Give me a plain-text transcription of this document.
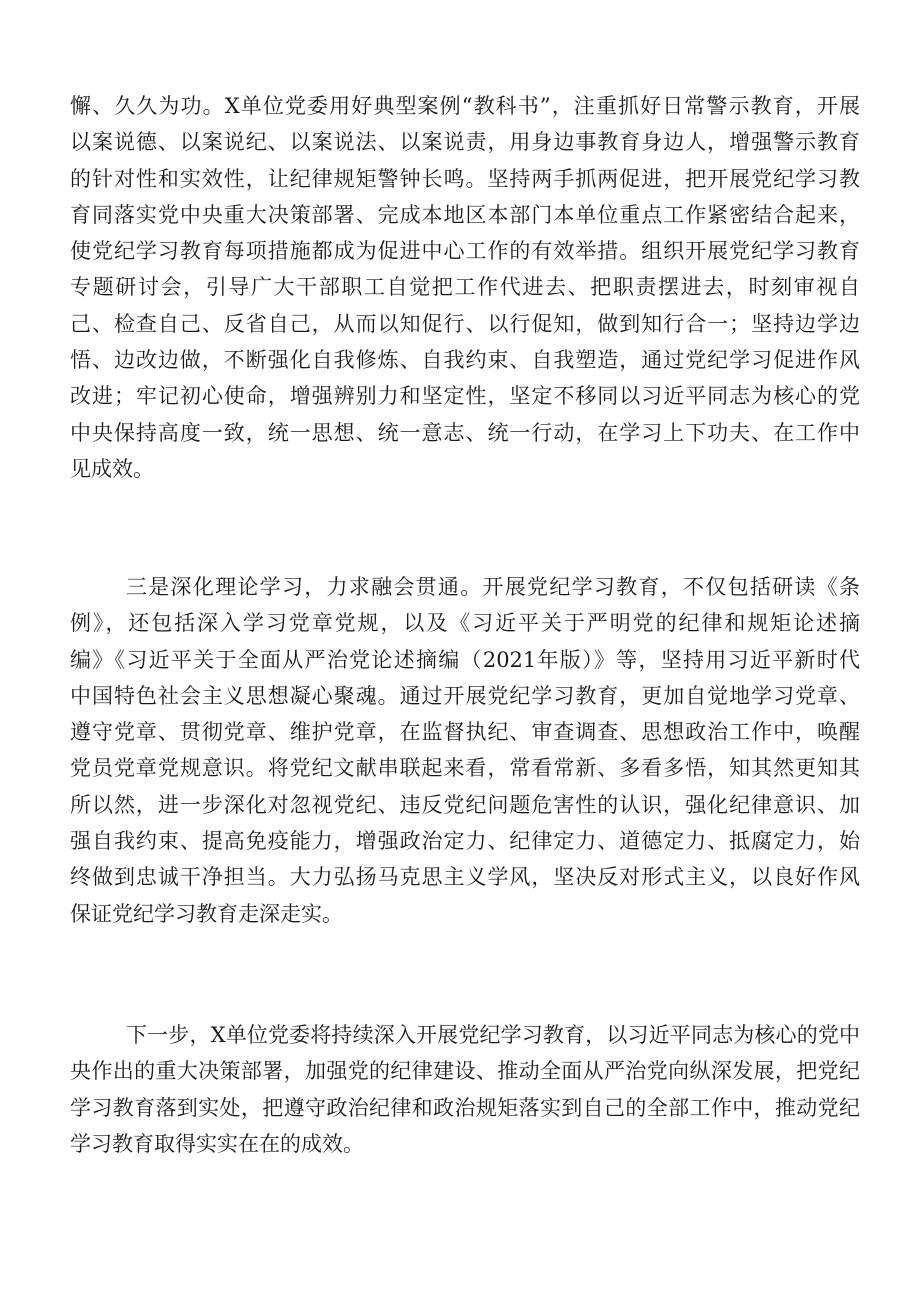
懈、久久为功。X单位党委用好典型案例“教科书”，注重抓好日常警示教育，开展
以案说德、以案说纪、以案说法、以案说责，用身边事教育身边人，增强警示教育
的针对性和实效性，让纪律规矩警钟长鸣。坚持两手抓两促进，把开展党纪学习教
育同落实党中央重大决策部署、完成本地区本部门本单位重点工作紧密结合起来，
使党纪学习教育每项措施都成为促进中心工作的有效举措。组织开展党纪学习教育
专题研讨会，引导广大干部职工自觉把工作代进去、把职责摆进去，时刻审视自
己、检查自己、反省自己，从而以知促行、以行促知，做到知行合一；坚持边学边
悟、边改边做，不断强化自我修炼、自我约束、自我塑造，通过党纪学习促进作风
改进；牢记初心使命，增强辨别力和坚定性，坚定不移同以习近平同志为核心的党
中央保持高度一致，统一思想、统一意志、统一行动，在学习上下功夫、在工作中
见成效。
三是深化理论学习，力求融会贯通。开展党纪学习教育，不仅包括研读《条
例》，还包括深入学习党章党规，以及《习近平关于严明党的纪律和规矩论述摘
编》《习近平关于全面从严治党论述摘编（2021年版）》等，坚持用习近平新时代
中国特色社会主义思想凝心聚魂。通过开展党纪学习教育，更加自觉地学习党章、
遵守党章、贯彻党章、维护党章，在监督执纪、审查调查、思想政治工作中，唤醒
党员党章党规意识。将党纪文献串联起来看，常看常新、多看多悟，知其然更知其
所以然，进一步深化对忽视党纪、违反党纪问题危害性的认识，强化纪律意识、加
强自我约束、提高免疫能力，增强政治定力、纪律定力、道德定力、抵腐定力，始
终做到忠诚干净担当。大力弘扬马克思主义学风，坚决反对形式主义，以良好作风
保证党纪学习教育走深走实。
下一步，X单位党委将持续深入开展党纪学习教育，以习近平同志为核心的党中
央作出的重大决策部署，加强党的纪律建设、推动全面从严治党向纵深发展，把党纪
学习教育落到实处，把遵守政治纪律和政治规矩落实到自己的全部工作中，推动党纪
学习教育取得实实在在的成效。
